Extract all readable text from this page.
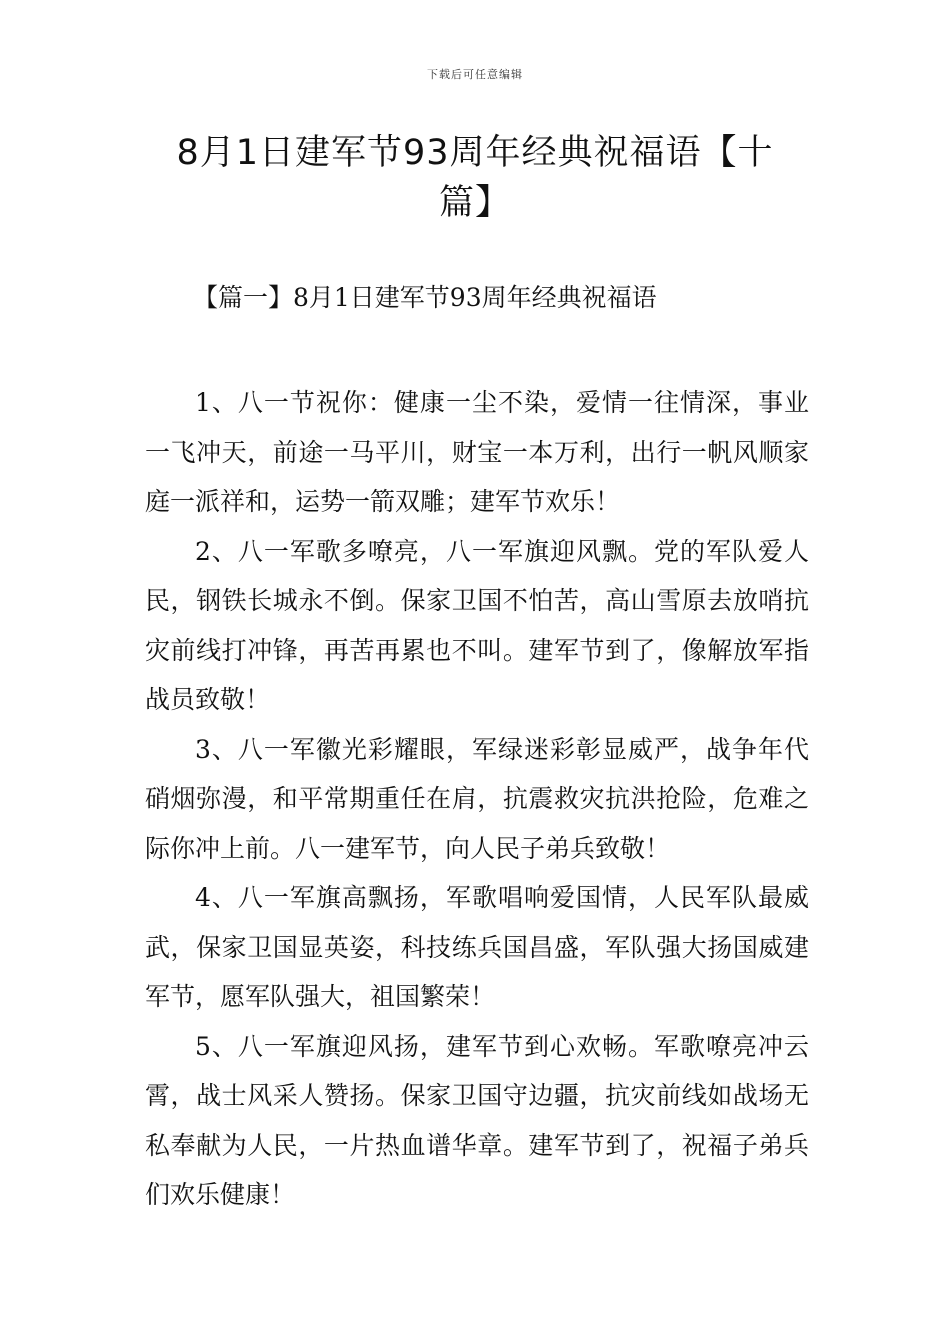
下载后可任意编辑
8月1日建军节93周年经典祝福语【十篇】
【篇一】8月1日建军节93周年经典祝福语

1、八一节祝你：健康一尘不染，爱情一往情深，事业一飞冲天，前途一马平川，财宝一本万利，出行一帆风顺家庭一派祥和，运势一箭双雕；建军节欢乐！

2、八一军歌多嘹亮，八一军旗迎风飘。党的军队爱人民，钢铁长城永不倒。保家卫国不怕苦，高山雪原去放哨抗灾前线打冲锋，再苦再累也不叫。建军节到了，像解放军指战员致敬！

3、八一军徽光彩耀眼，军绿迷彩彰显威严，战争年代硝烟弥漫，和平常期重任在肩，抗震救灾抗洪抢险，危难之际你冲上前。八一建军节，向人民子弟兵致敬！

4、八一军旗高飘扬，军歌唱响爱国情，人民军队最威武，保家卫国显英姿，科技练兵国昌盛，军队强大扬国威建军节，愿军队强大，祖国繁荣！

5、八一军旗迎风扬，建军节到心欢畅。军歌嘹亮冲云霄，战士风采人赞扬。保家卫国守边疆，抗灾前线如战场无私奉献为人民，一片热血谱华章。建军节到了，祝福子弟兵们欢乐健康！
